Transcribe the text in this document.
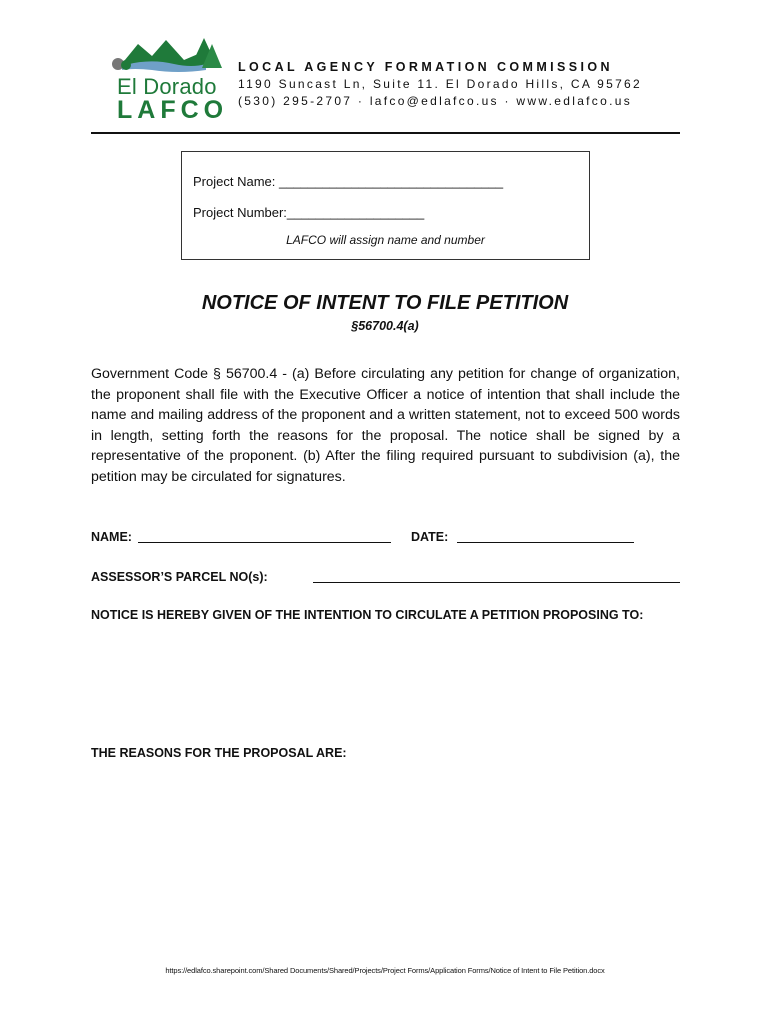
El Dorado
LAFCO
LOCAL AGENCY FORMATION COMMISSION
1190 Suncast Ln, Suite 11. El Dorado Hills, CA 95762
(530) 295-2707 · lafco@edlafco.us · www.edlafco.us
Project Name: _______________________________
Project Number:___________________
LAFCO will assign name and number
NOTICE OF INTENT TO FILE PETITION
§56700.4(a)
Government Code § 56700.4 - (a) Before circulating any petition for change of organization, the proponent shall file with the Executive Officer a notice of intention that shall include the name and mailing address of the proponent and a written statement, not to exceed 500 words in length, setting forth the reasons for the proposal. The notice shall be signed by a representative of the proponent. (b) After the filing required pursuant to subdivision (a), the petition may be circulated for signatures.
NAME:	DATE:
ASSESSOR’S PARCEL NO(s):
NOTICE IS HEREBY GIVEN OF THE INTENTION TO CIRCULATE A PETITION PROPOSING TO:
THE REASONS FOR THE PROPOSAL ARE:
https://edlafco.sharepoint.com/Shared Documents/Shared/Projects/Project Forms/Application Forms/Notice of Intent to File Petition.docx
